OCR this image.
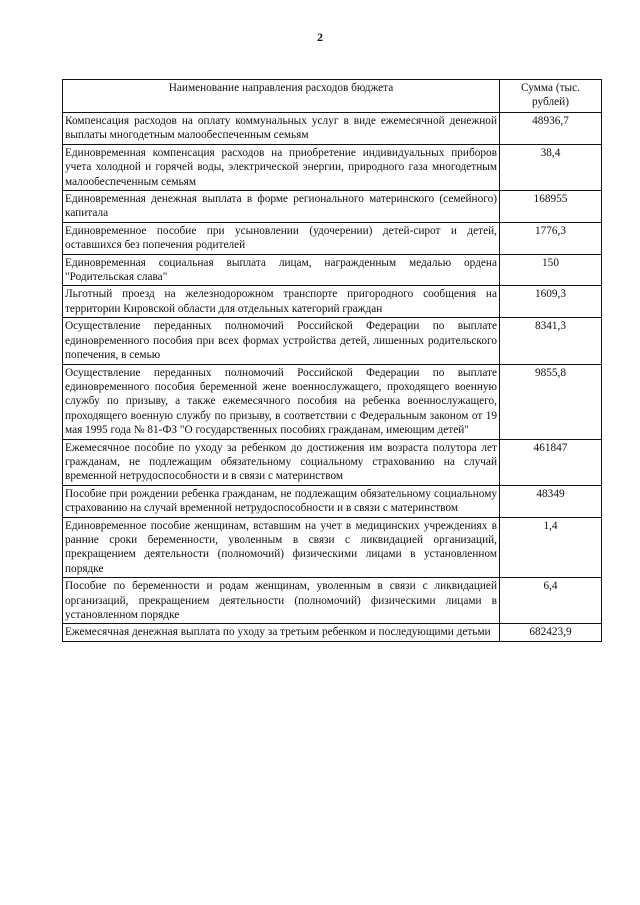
2
Наименование направления расходов бюджета	Сумма (тыс. рублей)
Компенсация расходов на оплату коммунальных услуг в виде ежемесячной денежной выплаты многодетным малообеспеченным семьям	48936,7
Единовременная компенсация расходов на приобретение индивидуальных приборов учета холодной и горячей воды, электрической энергии, природного газа многодетным малообеспеченным семьям	38,4
Единовременная денежная выплата в форме регионального материнского (семейного) капитала	168955
Единовременное пособие при усыновлении (удочерении) детей-сирот и детей, оставшихся без попечения родителей	1776,3
Единовременная социальная выплата лицам, награжденным медалью ордена "Родительская слава"	150
Льготный проезд на железнодорожном транспорте пригородного сообщения на территории Кировской области для отдельных категорий граждан	1609,3
Осуществление переданных полномочий Российской Федерации по выплате единовременного пособия при всех формах устройства детей, лишенных родительского попечения, в семью	8341,3
Осуществление переданных полномочий Российской Федерации по выплате единовременного пособия беременной жене военнослужащего, проходящего военную службу по призыву, а также ежемесячного пособия на ребенка военнослужащего, проходящего военную службу по призыву, в соответствии с Федеральным законом от 19 мая 1995 года № 81-ФЗ "О государственных пособиях гражданам, имеющим детей"	9855,8
Ежемесячное пособие по уходу за ребенком до достижения им возраста полутора лет гражданам, не подлежащим обязательному социальному страхованию на случай временной нетрудоспособности и в связи с материнством	461847
Пособие при рождении ребенка гражданам, не подлежащим обязательному социальному страхованию на случай временной нетрудоспособности и в связи с материнством	48349
Единовременное пособие женщинам, вставшим на учет в медицинских учреждениях в ранние сроки беременности, уволенным в связи с ликвидацией организаций, прекращением деятельности (полномочий) физическими лицами в установленном порядке	1,4
Пособие по беременности и родам женщинам, уволенным в связи с ликвидацией организаций, прекращением деятельности (полномочий) физическими лицами в установленном порядке	6,4
Ежемесячная денежная выплата по уходу за третьим ребенком и последующими детьми	682423,9
